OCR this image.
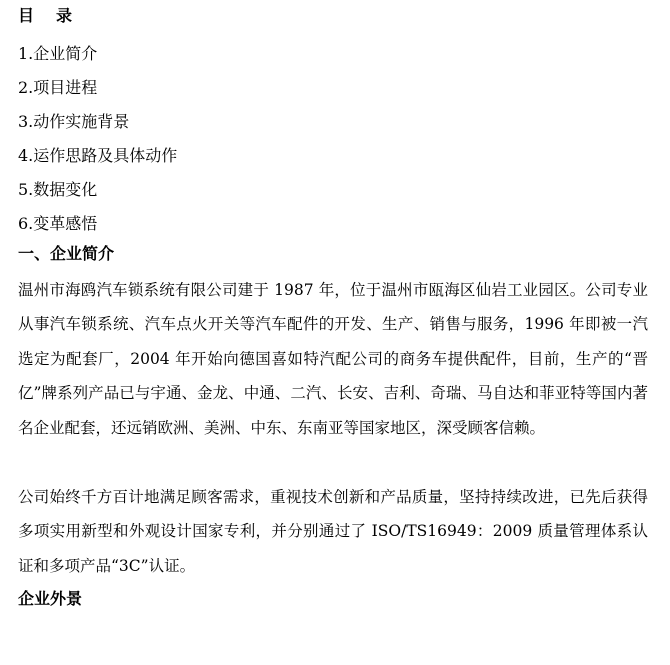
目 录
1.企业简介
2.项目进程
3.动作实施背景
4.运作思路及具体动作
5.数据变化
6.变革感悟
一、企业简介

温州市海鸥汽车锁系统有限公司建于 1987 年，位于温州市瓯海区仙岩工业园区。公司专业从事汽车锁系统、汽车点火开关等汽车配件的开发、生产、销售与服务，1996 年即被一汽选定为配套厂，2004 年开始向德国喜如特汽配公司的商务车提供配件，目前，生产的“晋亿”牌系列产品已与宇通、金龙、中通、二汽、长安、吉利、奇瑞、马自达和菲亚特等国内著名企业配套，还远销欧洲、美洲、中东、东南亚等国家地区，深受顾客信赖。

公司始终千方百计地满足顾客需求，重视技术创新和产品质量，坚持持续改进，已先后获得多项实用新型和外观设计国家专利，并分别通过了 ISO/TS16949：2009 质量管理体系认证和多项产品“3C”认证。

企业外景
